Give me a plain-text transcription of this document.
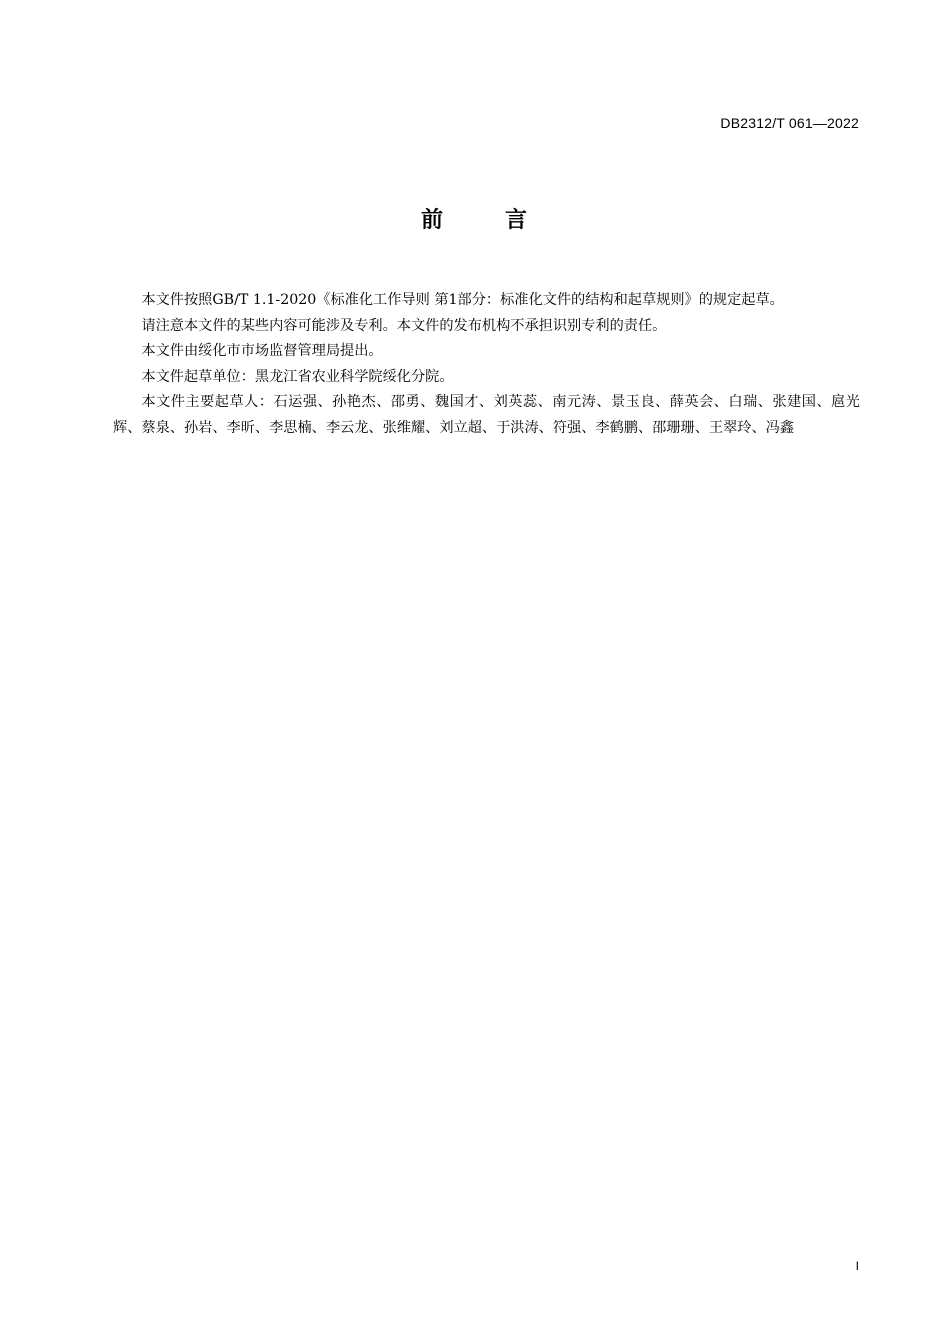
DB2312/T 061—2022
前	言

本文件按照GB/T 1.1-2020《标准化工作导则 第1部分：标准化文件的结构和起草规则》的规定起草。

请注意本文件的某些内容可能涉及专利。本文件的发布机构不承担识别专利的责任。

本文件由绥化市市场监督管理局提出。

本文件起草单位：黑龙江省农业科学院绥化分院。

本文件主要起草人：石运强、孙艳杰、邵勇、魏国才、刘英蕊、南元涛、景玉良、薛英会、白瑞、张建国、扈光辉、蔡泉、孙岩、李昕、李思楠、李云龙、张维耀、刘立超、于洪涛、符强、李鹤鹏、邵珊珊、王翠玲、冯鑫

I
